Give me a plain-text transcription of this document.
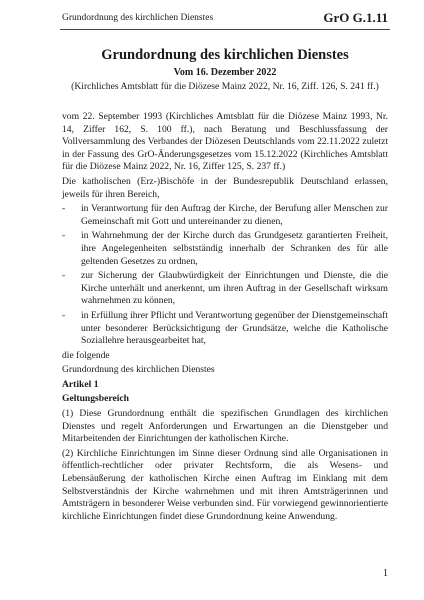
Grundordnung des kirchlichen Dienstes	GrO G.1.11
Grundordnung des kirchlichen Dienstes
Vom 16. Dezember 2022
(Kirchliches Amtsblatt für die Diözese Mainz 2022, Nr. 16, Ziff. 126, S. 241 ff.)

vom 22. September 1993 (Kirchliches Amtsblatt für die Diözese Mainz 1993, Nr. 14, Ziffer 162, S. 100 ff.), nach Beratung und Beschlussfassung der Vollversammlung des Verbandes der Diözesen Deutschlands vom 22.11.2022 zuletzt in der Fassung des GrO-Änderungsgesetzes vom 15.12.2022 (Kirchliches Amtsblatt für die Diözese Mainz 2022, Nr. 16, Ziffer 125, S. 237 ff.)

Die katholischen (Erz-)Bischöfe in der Bundesrepublik Deutschland erlassen, jeweils für ihren Bereich,

- in Verantwortung für den Auftrag der Kirche, der Berufung aller Menschen zur Gemeinschaft mit Gott und untereinander zu dienen,
- in Wahrnehmung der der Kirche durch das Grundgesetz garantierten Freiheit, ihre Angelegenheiten selbstständig innerhalb der Schranken des für alle geltenden Gesetzes zu ordnen,
- zur Sicherung der Glaubwürdigkeit der Einrichtungen und Dienste, die die Kirche unterhält und anerkennt, um ihren Auftrag in der Gesellschaft wirksam wahrnehmen zu können,
- in Erfüllung ihrer Pflicht und Verantwortung gegenüber der Dienstgemeinschaft unter besonderer Berücksichtigung der Grundsätze, welche die Katholische Soziallehre herausgearbeitet hat,

die folgende

Grundordnung des kirchlichen Dienstes

Artikel 1

Geltungsbereich

(1) Diese Grundordnung enthält die spezifischen Grundlagen des kirchlichen Dienstes und regelt Anforderungen und Erwartungen an die Dienstgeber und Mitarbeitenden der Einrichtungen der katholischen Kirche.

(2) Kirchliche Einrichtungen im Sinne dieser Ordnung sind alle Organisationen in öffentlich-rechtlicher oder privater Rechtsform, die als Wesens- und Lebensäußerung der katholischen Kirche einen Auftrag im Einklang mit dem Selbstverständnis der Kirche wahrnehmen und mit ihren Amtsträgerinnen und Amtsträgern in besonderer Weise verbunden sind. Für vorwiegend gewinnorientierte kirchliche Einrichtungen findet diese Grundordnung keine Anwendung.

1
